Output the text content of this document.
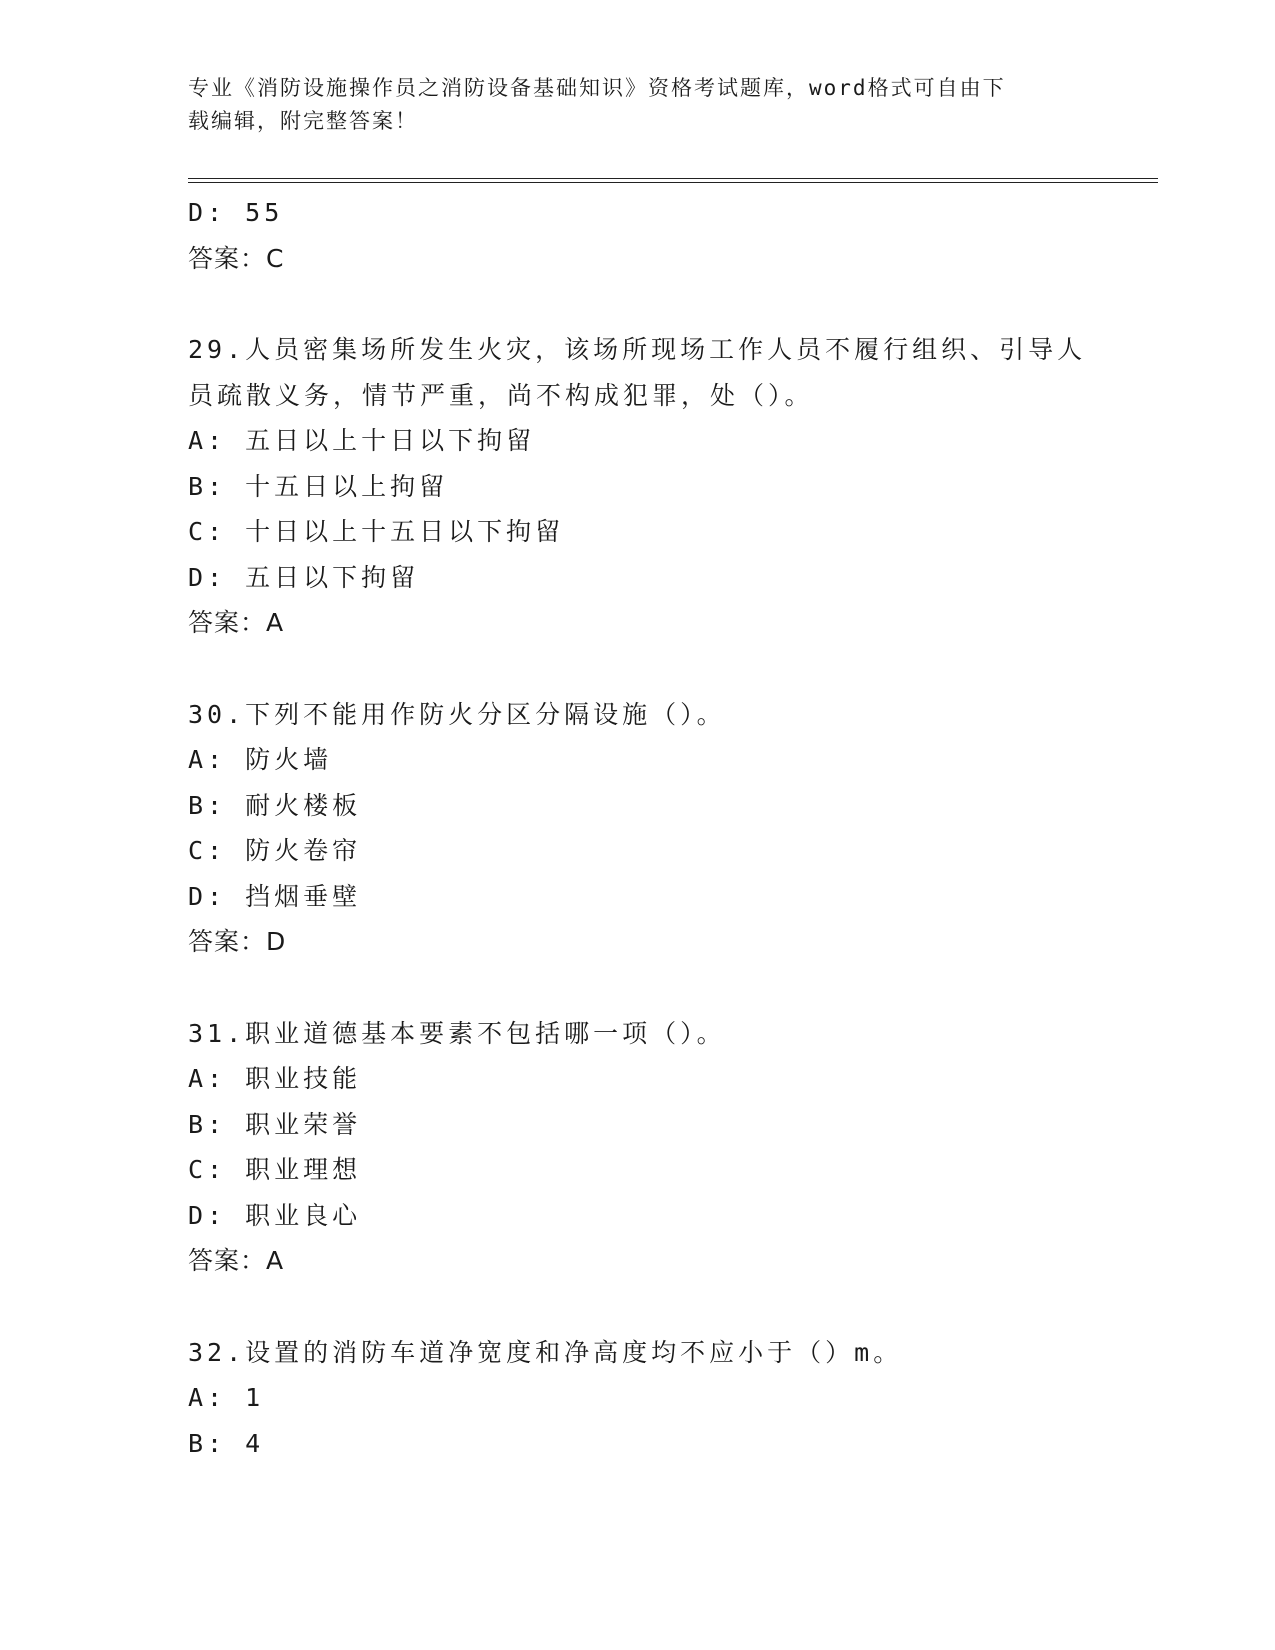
专业《消防设施操作员之消防设备基础知识》资格考试题库，word格式可自由下
载编辑，附完整答案！
D: 55
答案：C
29.人员密集场所发生火灾，该场所现场工作人员不履行组织、引导人
员疏散义务，情节严重，尚不构成犯罪，处（）。
A: 五日以上十日以下拘留
B: 十五日以上拘留
C: 十日以上十五日以下拘留
D: 五日以下拘留
答案：A
30.下列不能用作防火分区分隔设施（）。
A: 防火墙
B: 耐火楼板
C: 防火卷帘
D: 挡烟垂壁
答案：D
31.职业道德基本要素不包括哪一项（）。
A: 职业技能
B: 职业荣誉
C: 职业理想
D: 职业良心
答案：A
32.设置的消防车道净宽度和净高度均不应小于（）m。
A: 1
B: 4
